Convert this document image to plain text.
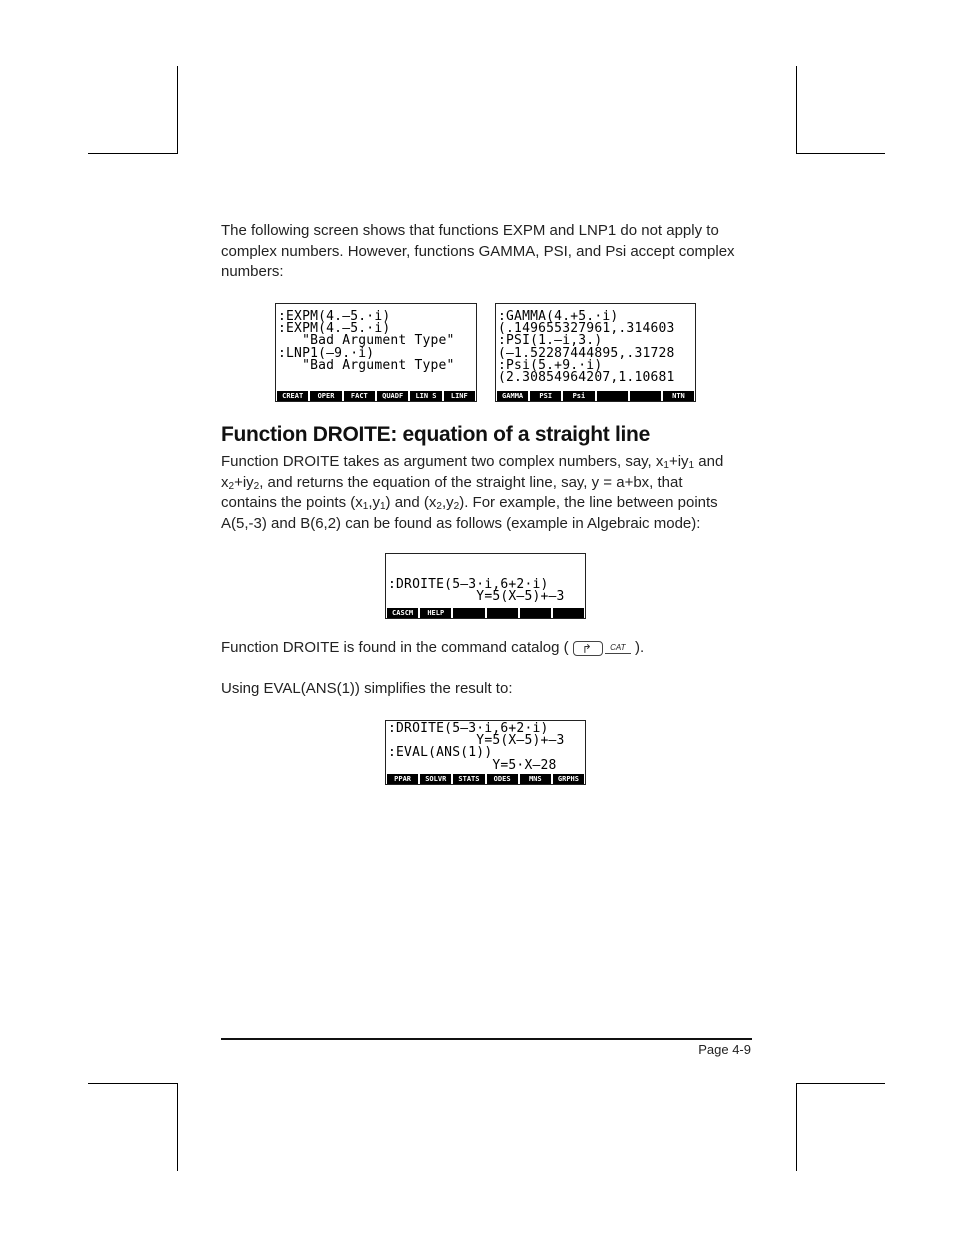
The following screen shows that functions EXPM and LNP1 do not apply to
complex numbers. However, functions GAMMA, PSI, and Psi accept complex
numbers:
:EXPM(4.–5.·i)
:EXPM(4.–5.·i)
"Bad Argument Type"
:LNP1(–9.·i)
"Bad Argument Type"
CREAT	OPER	FACT	QUADF	LIN S	LINF
:GAMMA(4.+5.·i)
(.149655327961,.314603
:PSI(1.–i,3.)
(–1.52287444895,.31728
:Psi(5.+9.·i)
(2.30854964207,1.10681
GAMMA	PSI	Psi	NTN
Function DROITE: equation of a straight line
Function DROITE takes as argument two complex numbers, say, $x_1+iy_1$ and
$x_2+iy_2$, and returns the equation of the straight line, say, y = a+bx, that
contains the points $(x_1,y_1)$ and $(x_2,y_2)$. For example, the line between points
A(5,-3) and B(6,2) can be found as follows (example in Algebraic mode):
:DROITE(5–3·i,6+2·i)
Y=5(X–5)+–3
CASCM	HELP
Function DROITE is found in the command catalog ( ↱	CAT ).
Using EVAL(ANS(1)) simplifies the result to:
:DROITE(5–3·i,6+2·i)
Y=5(X–5)+–3
:EVAL(ANS(1))
Y=5·X–28
PPAR	SOLVR	STATS	ODES	MNS	GRPHS
Page 4-9
